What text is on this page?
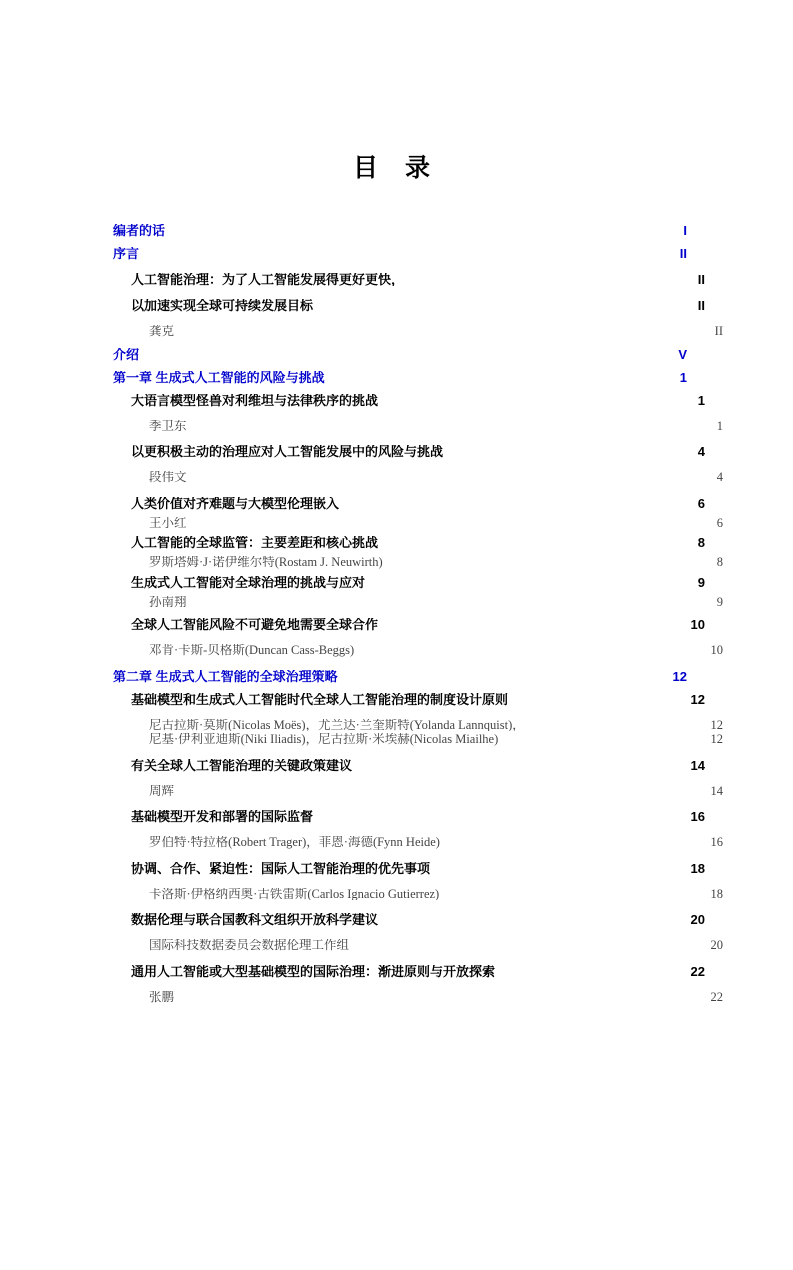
目 录
编者的话	I
序言	II
人工智能治理：为了人工智能发展得更好更快，	II
以加速实现全球可持续发展目标	II
龚克	II
介绍	V
第一章 生成式人工智能的风险与挑战	1
大语言模型怪兽对利维坦与法律秩序的挑战	1
季卫东	1
以更积极主动的治理应对人工智能发展中的风险与挑战	4
段伟文	4
人类价值对齐难题与大模型伦理嵌入	6
王小红	6
人工智能的全球监管：主要差距和核心挑战	8
罗斯塔姆·J·诺伊维尔特(Rostam J. Neuwirth)	8
生成式人工智能对全球治理的挑战与应对	9
孙南翔	9
全球人工智能风险不可避免地需要全球合作	10
邓肯·卡斯-贝格斯(Duncan Cass-Beggs)	10
第二章 生成式人工智能的全球治理策略	12
基础模型和生成式人工智能时代全球人工智能治理的制度设计原则	12
尼古拉斯·莫斯(Nicolas Moës)，尤兰达·兰奎斯特(Yolanda Lannquist)，	12
尼基·伊利亚迪斯(Niki Iliadis)，尼古拉斯·米埃赫(Nicolas Miailhe)	12
有关全球人工智能治理的关键政策建议	14
周辉	14
基础模型开发和部署的国际监督	16
罗伯特·特拉格(Robert Trager)，菲恩·海德(Fynn Heide)	16
协调、合作、紧迫性：国际人工智能治理的优先事项	18
卡洛斯·伊格纳西奥·古铁雷斯(Carlos Ignacio Gutierrez)	18
数据伦理与联合国教科文组织开放科学建议	20
国际科技数据委员会数据伦理工作组	20
通用人工智能或大型基础模型的国际治理：渐进原则与开放探索	22
张鹏	22
